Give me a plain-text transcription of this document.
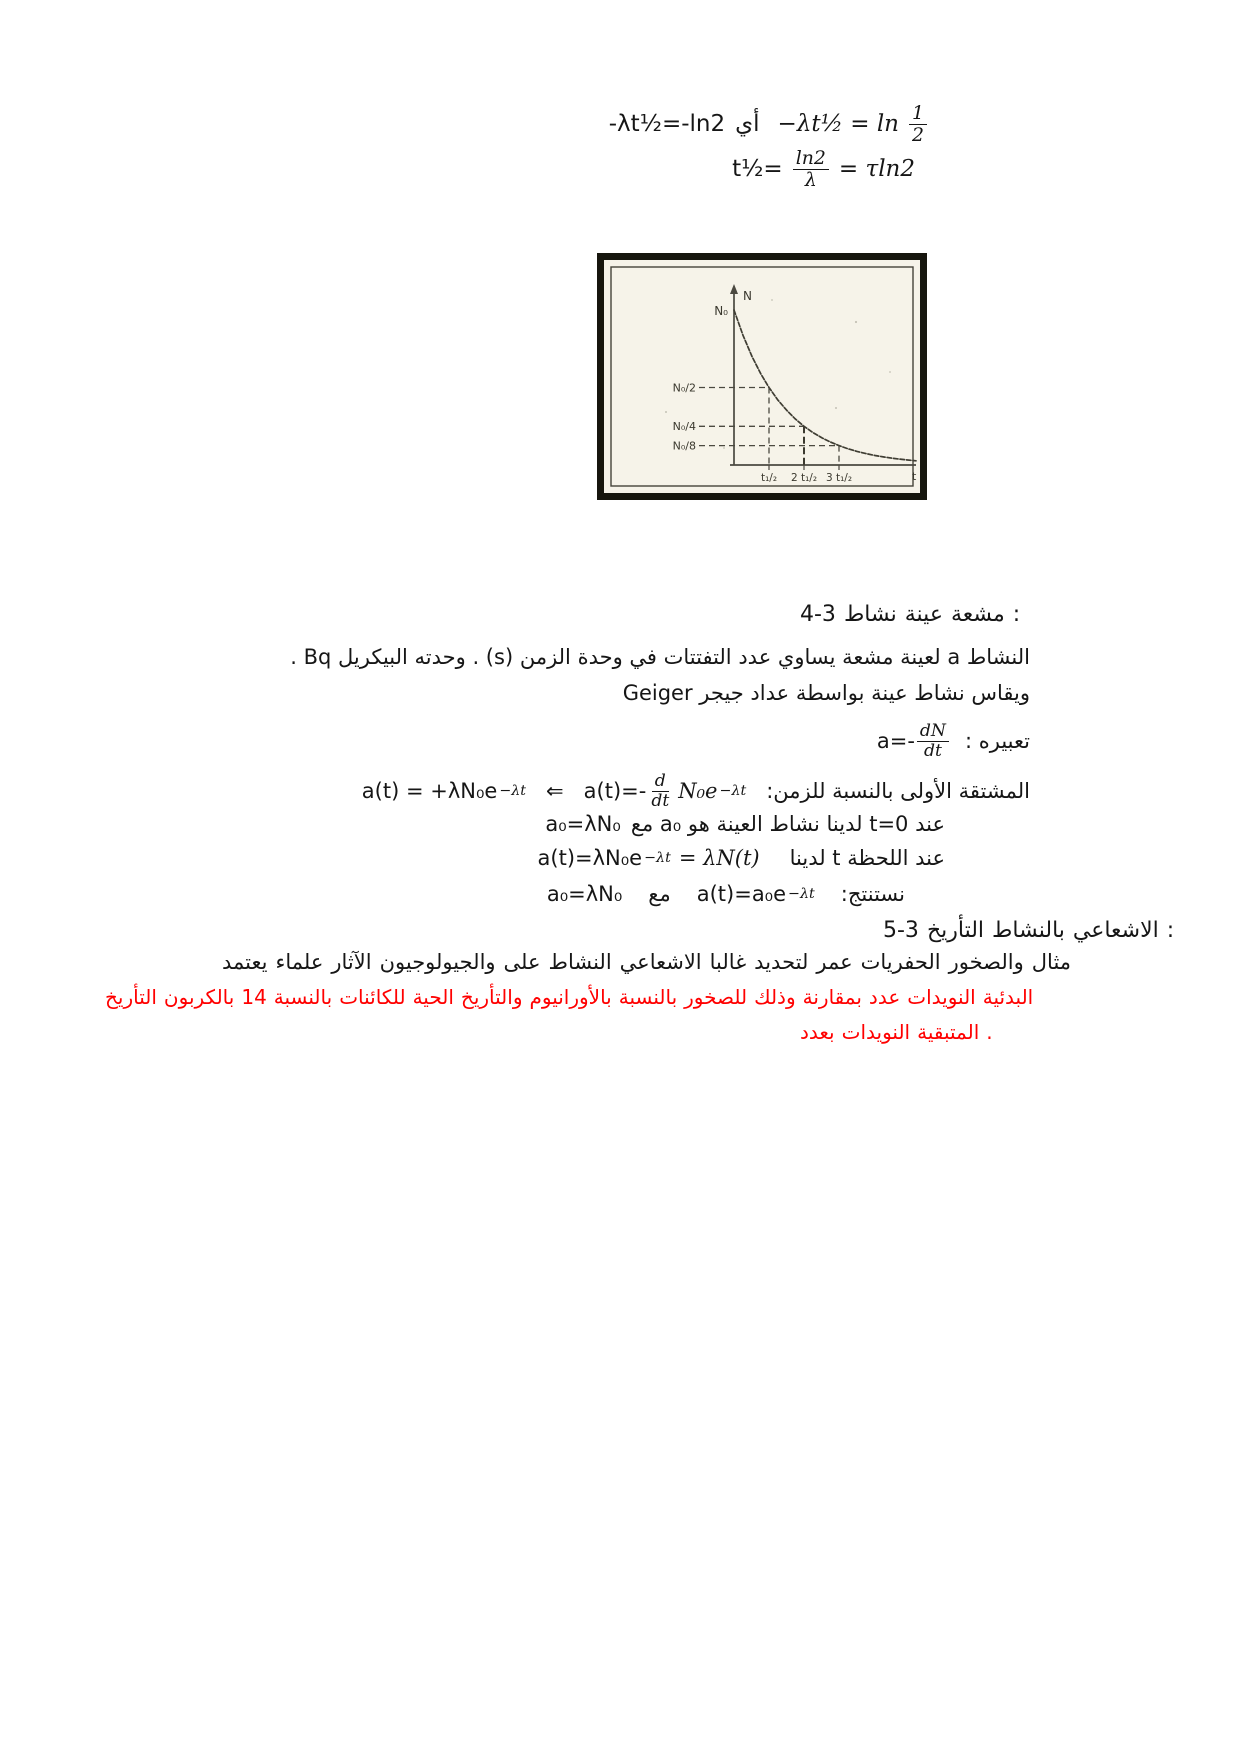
-λt½=-ln2 أي −λt½ = $\ln \frac{1}{2}$
t½= $\frac{\ln 2}{\lambda} = \tau\ln 2$
N
N₀
N₀/2
N₀/4
N₀/8
t₁/₂ 2 t₁/₂ 3 t₁/₂	t
4-3 نشاط عينة مشعة :
النشاط a لعينة مشعة يساوي عدد التفتتات في وحدة الزمن (s) . وحدته البيكريل Bq .
ويقاس نشاط عينة بواسطة عداد جيجر Geiger
تعبيره :
$a=- \frac{dN}{dt}$
المشتقة الأولى بالنسبة للزمن:
$a(t)=- \frac{d}{dt} N_0e -\lambda t$
⇐
a(t) = +λN₀e −λt
عند t=0 لدينا نشاط العينة هو a₀ مع
a₀=λN₀
عند اللحظة t لدينا
a(t)=λN₀e −λt = λN(t)
نستنتج:
a(t)=a₀e −λt
مع
a₀=λN₀
5-3 التأريخ بالنشاط الاشعاعي :
يعتمد علماء الآثار والجيولوجيون على النشاط الاشعاعي غالبا لتحديد عمر الحفريات والصخور مثال
التأريخ بالكربون 14 بالنسبة للكائنات الحية والتأريخ بالأورانيوم بالنسبة للصخور وذلك بمقارنة عدد النويدات البدئية
بعدد النويدات المتبقية .
